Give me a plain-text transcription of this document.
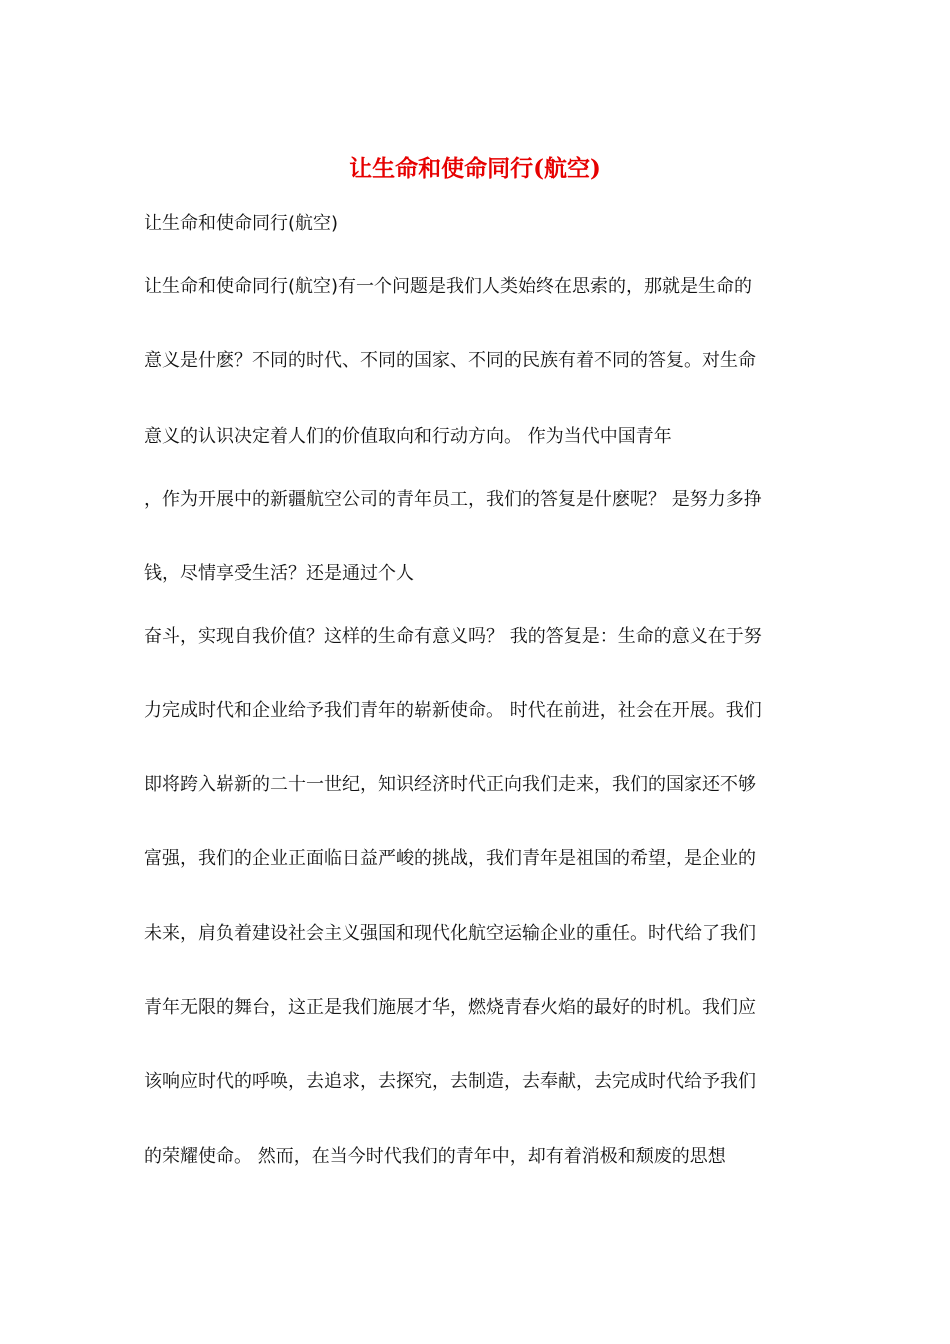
让生命和使命同行(航空)
让生命和使命同行(航空)
让生命和使命同行(航空)有一个问题是我们人类始终在思索的，那就是生命的
意义是什麽？不同的时代、不同的国家、不同的民族有着不同的答复。对生命
意义的认识决定着人们的价值取向和行动方向。 作为当代中国青年
，作为开展中的新疆航空公司的青年员工，我们的答复是什麽呢？ 是努力多挣
钱，尽情享受生活？还是通过个人
奋斗，实现自我价值？这样的生命有意义吗？ 我的答复是：生命的意义在于努
力完成时代和企业给予我们青年的崭新使命。 时代在前进，社会在开展。我们
即将跨入崭新的二十一世纪，知识经济时代正向我们走来，我们的国家还不够
富强，我们的企业正面临日益严峻的挑战，我们青年是祖国的希望，是企业的
未来，肩负着建设社会主义强国和现代化航空运输企业的重任。时代给了我们
青年无限的舞台，这正是我们施展才华，燃烧青春火焰的最好的时机。我们应
该响应时代的呼唤，去追求，去探究，去制造，去奉献，去完成时代给予我们
的荣耀使命。 然而，在当今时代我们的青年中，却有着消极和颓废的思想
